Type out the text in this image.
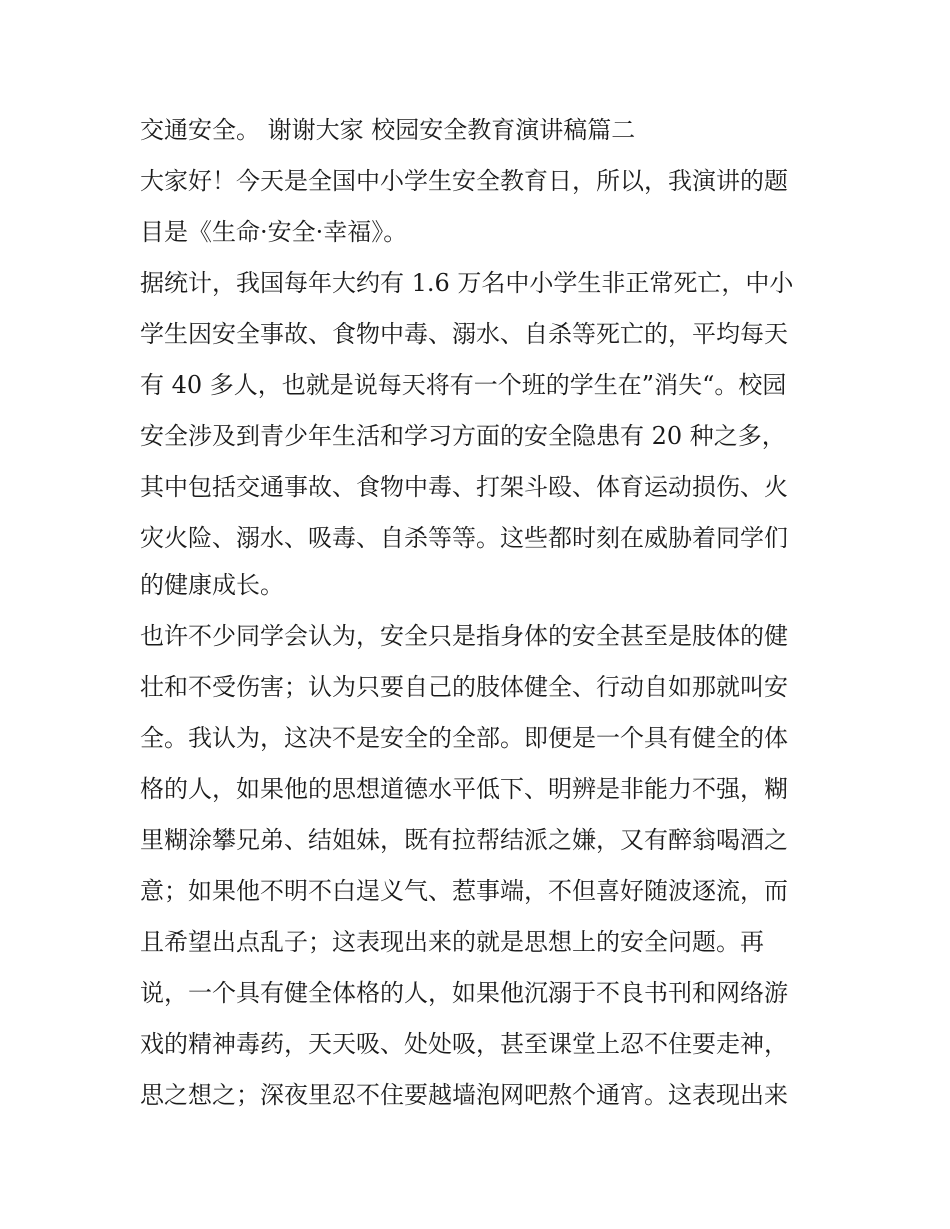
交通安全。 谢谢大家 校园安全教育演讲稿篇二
大家好！今天是全国中小学生安全教育日，所以，我演讲的题
目是《生命·安全·幸福》。
据统计，我国每年大约有 1.6 万名中小学生非正常死亡，中小
学生因安全事故、食物中毒、溺水、自杀等死亡的，平均每天
有 40 多人，也就是说每天将有一个班的学生在”消失“。校园
安全涉及到青少年生活和学习方面的安全隐患有 20 种之多，
其中包括交通事故、食物中毒、打架斗殴、体育运动损伤、火
灾火险、溺水、吸毒、自杀等等。这些都时刻在威胁着同学们
的健康成长。
也许不少同学会认为，安全只是指身体的安全甚至是肢体的健
壮和不受伤害；认为只要自己的肢体健全、行动自如那就叫安
全。我认为，这决不是安全的全部。即便是一个具有健全的体
格的人，如果他的思想道德水平低下、明辨是非能力不强，糊
里糊涂攀兄弟、结姐妹，既有拉帮结派之嫌，又有醉翁喝酒之
意；如果他不明不白逞义气、惹事端，不但喜好随波逐流，而
且希望出点乱子；这表现出来的就是思想上的安全问题。再
说，一个具有健全体格的人，如果他沉溺于不良书刊和网络游
戏的精神毒药，天天吸、处处吸，甚至课堂上忍不住要走神，
思之想之；深夜里忍不住要越墙泡网吧熬个通宵。这表现出来
